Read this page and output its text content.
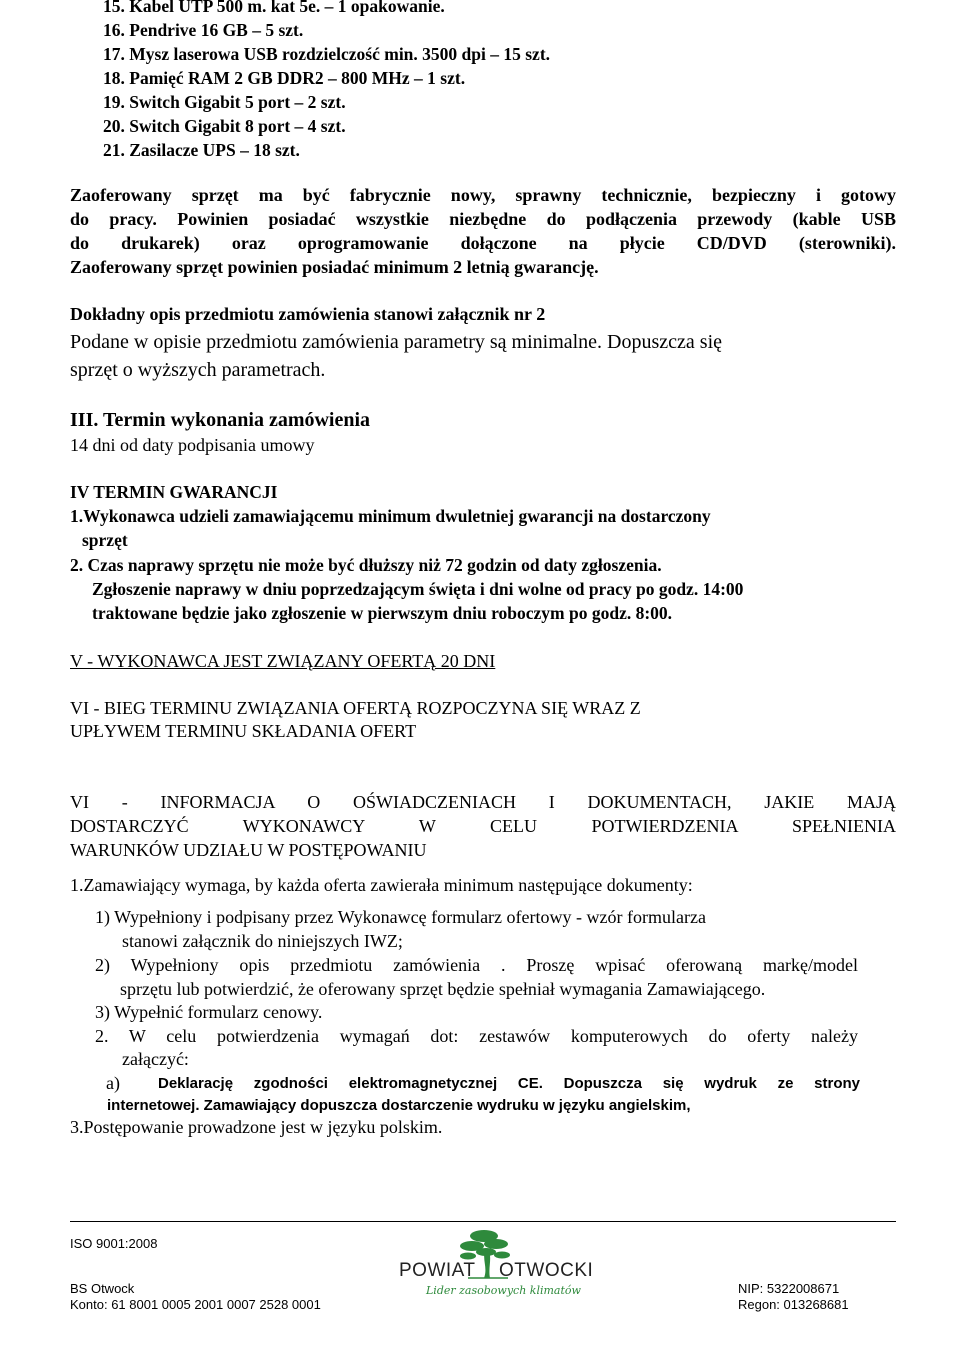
15. Kabel UTP 500 m. kat 5e. – 1 opakowanie.
16. Pendrive 16 GB – 5 szt.
17. Mysz laserowa USB rozdzielczość min. 3500 dpi – 15 szt.
18. Pamięć RAM 2 GB DDR2 – 800 MHz – 1 szt.
19. Switch Gigabit 5 port – 2 szt.
20. Switch Gigabit 8 port – 4 szt.
21. Zasilacze UPS – 18 szt.
Zaoferowany sprzęt ma być fabrycznie nowy, sprawny technicznie, bezpieczny i gotowy
do pracy. Powinien posiadać wszystkie niezbędne do podłączenia przewody (kable USB
do drukarek) oraz oprogramowanie dołączone na płycie CD/DVD (sterowniki).
Zaoferowany sprzęt powinien posiadać minimum 2 letnią gwarancję.
Dokładny opis przedmiotu zamówienia stanowi załącznik nr 2
Podane w opisie przedmiotu zamówienia parametry są minimalne. Dopuszcza się
sprzęt o wyższych parametrach.
III. Termin wykonania zamówienia
14 dni od daty podpisania umowy
IV TERMIN GWARANCJI
1.Wykonawca udzieli zamawiającemu minimum dwuletniej gwarancji na dostarczony
sprzęt
2. Czas naprawy sprzętu nie może być dłuższy niż 72 godzin od daty zgłoszenia.
Zgłoszenie naprawy w dniu poprzedzającym święta i dni wolne od pracy po godz. 14:00
traktowane będzie jako zgłoszenie w pierwszym dniu roboczym po godz. 8:00.
V - WYKONAWCA JEST ZWIĄZANY OFERTĄ 20 DNI
VI - BIEG TERMINU ZWIĄZANIA OFERTĄ ROZPOCZYNA SIĘ WRAZ Z
UPŁYWEM TERMINU SKŁADANIA OFERT
VI - INFORMACJA O OŚWIADCZENIACH I DOKUMENTACH, JAKIE MAJĄ
DOSTARCZYĆ WYKONAWCY W CELU POTWIERDZENIA SPEŁNIENIA
WARUNKÓW UDZIAŁU W POSTĘPOWANIU
1.Zamawiający wymaga, by każda oferta zawierała minimum następujące dokumenty:
1) Wypełniony i podpisany przez Wykonawcę formularz ofertowy - wzór formularza
stanowi załącznik do niniejszych IWZ;
2) Wypełniony opis przedmiotu zamówienia . Proszę wpisać oferowaną markę/model
sprzętu lub potwierdzić, że oferowany sprzęt będzie spełniał wymagania Zamawiającego.
3) Wypełnić formularz cenowy.
2. W celu potwierdzenia wymagań dot: zestawów komputerowych do oferty należy
załączyć:
a)	Deklarację zgodności elektromagnetycznej CE. Dopuszcza się wydruk ze strony
internetowej. Zamawiający dopuszcza dostarczenie wydruku w języku angielskim,
3.Postępowanie prowadzone jest w języku polskim.
ISO 9001:2008
BS Otwock
Konto: 61 8001 0005 2001 0007 2528 0001
NIP: 5322008671
Regon: 013268681
POWIAT OTWOCKI
Lider zasobowych klimatów
